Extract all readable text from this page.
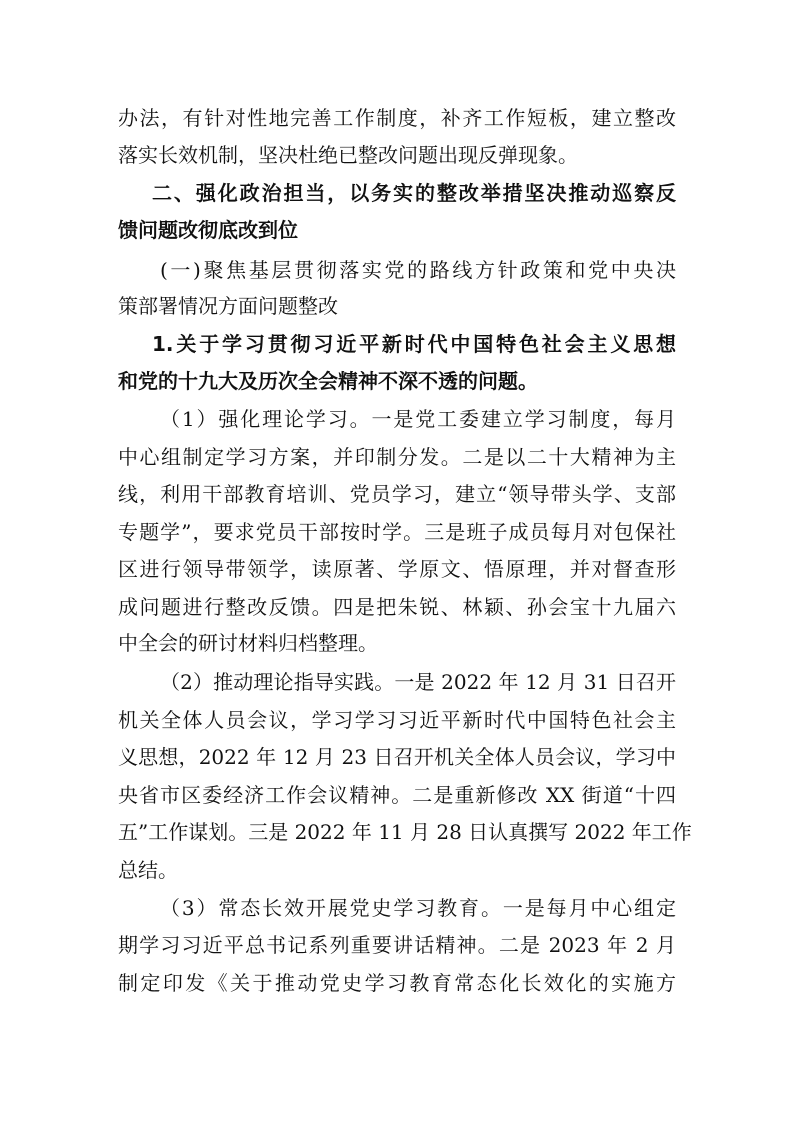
办法，有针对性地完善工作制度，补齐工作短板，建立整改
落实长效机制，坚决杜绝已整改问题出现反弹现象。
二、强化政治担当，以务实的整改举措坚决推动巡察反
馈问题改彻底改到位
(一)聚焦基层贯彻落实党的路线方针政策和党中央决
策部署情况方面问题整改
1.关于学习贯彻习近平新时代中国特色社会主义思想
和党的十九大及历次全会精神不深不透的问题。
（1）强化理论学习。一是党工委建立学习制度，每月
中心组制定学习方案，并印制分发。二是以二十大精神为主
线，利用干部教育培训、党员学习，建立“领导带头学、支部
专题学”，要求党员干部按时学。三是班子成员每月对包保社
区进行领导带领学，读原著、学原文、悟原理，并对督查形
成问题进行整改反馈。四是把朱锐、林颖、孙会宝十九届六
中全会的研讨材料归档整理。
（2）推动理论指导实践。一是 2022 年 12 月 31 日召开
机关全体人员会议，学习学习习近平新时代中国特色社会主
义思想，2022 年 12 月 23 日召开机关全体人员会议，学习中
央省市区委经济工作会议精神。二是重新修改 XX 街道“十四
五”工作谋划。三是 2022 年 11 月 28 日认真撰写 2022 年工作
总结。
（3）常态长效开展党史学习教育。一是每月中心组定
期学习习近平总书记系列重要讲话精神。二是 2023 年 2 月
制定印发《关于推动党史学习教育常态化长效化的实施方
